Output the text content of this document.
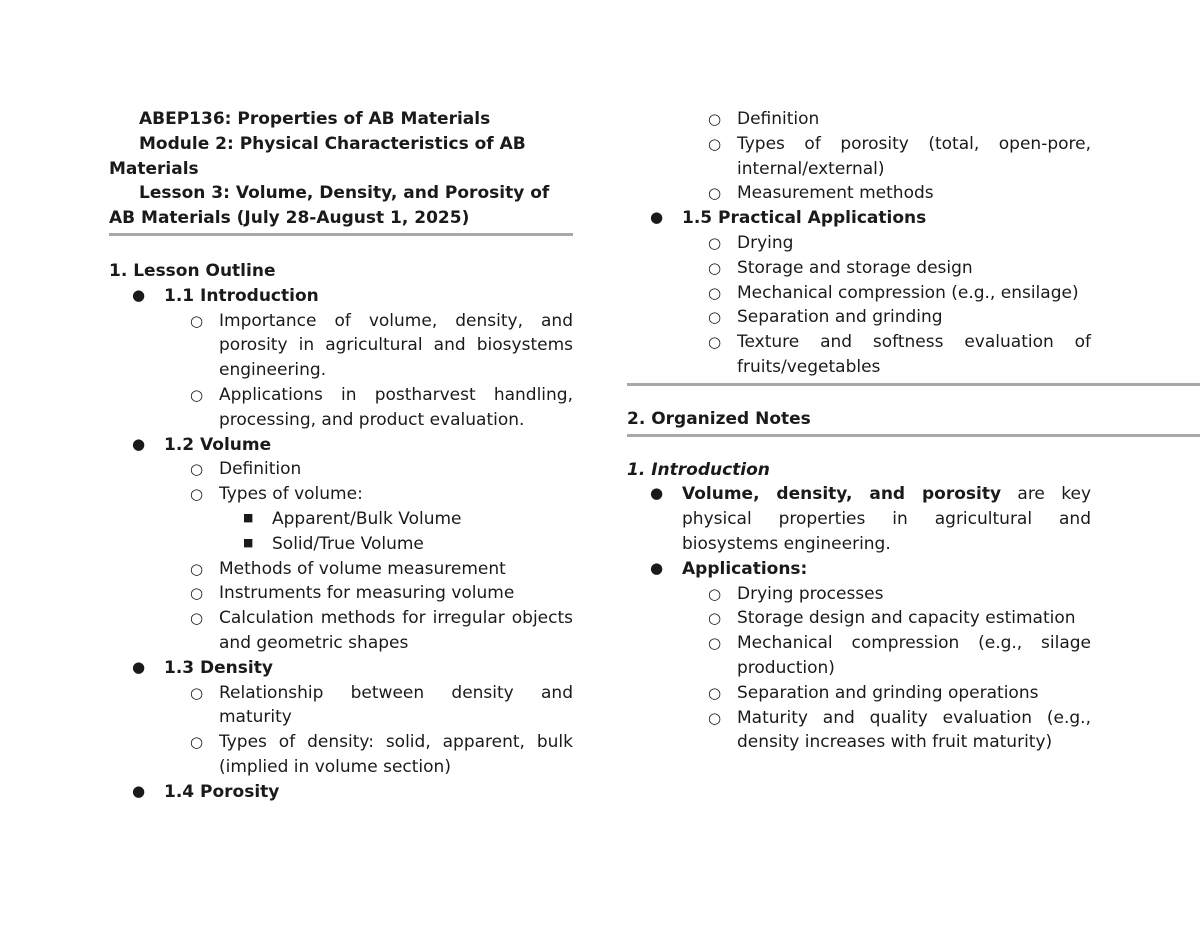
ABEP136: Properties of AB Materials
Module 2: Physical Characteristics of AB Materials
Lesson 3: Volume, Density, and Porosity of AB Materials (July 28-August 1, 2025)
1. Lesson Outline
● 1.1 Introduction
○ Importance of volume, density, and porosity in agricultural and biosystems engineering.
○ Applications in postharvest handling, processing, and product evaluation.
● 1.2 Volume
○ Definition
○ Types of volume:
■ Apparent/Bulk Volume
■ Solid/True Volume
○ Methods of volume measurement
○ Instruments for measuring volume
○ Calculation methods for irregular objects and geometric shapes
● 1.3 Density
○ Relationship between density and maturity
○ Types of density: solid, apparent, bulk (implied in volume section)
● 1.4 Porosity
○ Definition
○ Types of porosity (total, open-pore, internal/external)
○ Measurement methods
● 1.5 Practical Applications
○ Drying
○ Storage and storage design
○ Mechanical compression (e.g., ensilage)
○ Separation and grinding
○ Texture and softness evaluation of fruits/vegetables
2. Organized Notes
1. Introduction
● Volume, density, and porosity are key physical properties in agricultural and biosystems engineering.
● Applications:
○ Drying processes
○ Storage design and capacity estimation
○ Mechanical compression (e.g., silage production)
○ Separation and grinding operations
○ Maturity and quality evaluation (e.g., density increases with fruit maturity)
